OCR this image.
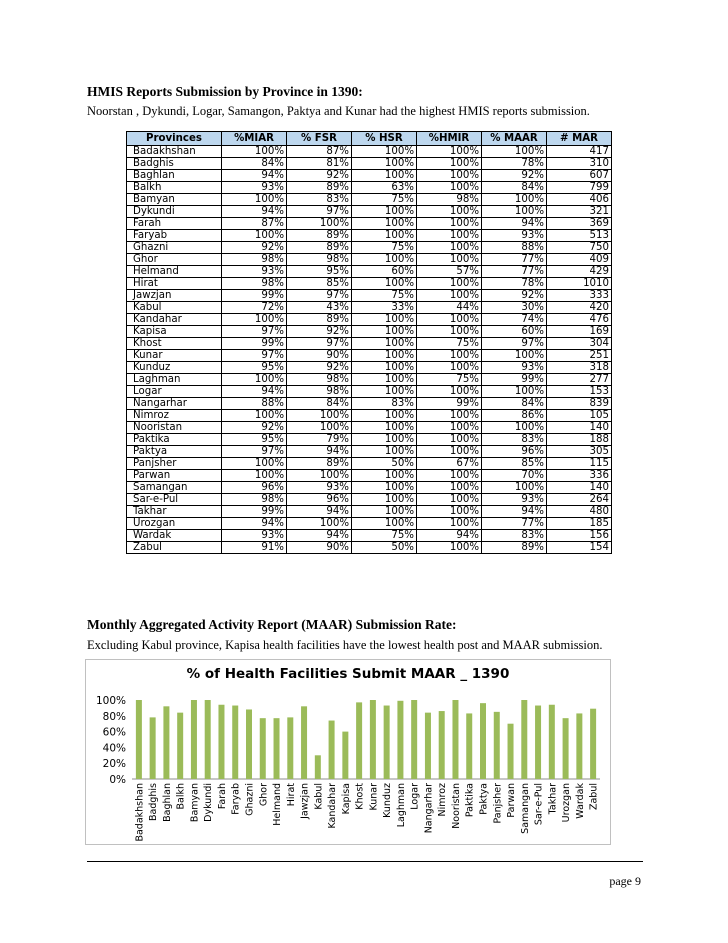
HMIS Reports Submission by Province in 1390:
Noorstan , Dykundi, Logar, Samangon, Paktya and Kunar had the highest HMIS reports submission.
Provinces	%MIAR	% FSR	% HSR	%HMIR	% MAAR	# MAR
Badakhshan	100%	87%	100%	100%	100%	417
Badghis	84%	81%	100%	100%	78%	310
Baghlan	94%	92%	100%	100%	92%	607
Balkh	93%	89%	63%	100%	84%	799
Bamyan	100%	83%	75%	98%	100%	406
Dykundi	94%	97%	100%	100%	100%	321
Farah	87%	100%	100%	100%	94%	369
Faryab	100%	89%	100%	100%	93%	513
Ghazni	92%	89%	75%	100%	88%	750
Ghor	98%	98%	100%	100%	77%	409
Helmand	93%	95%	60%	57%	77%	429
Hirat	98%	85%	100%	100%	78%	1010
Jawzjan	99%	97%	75%	100%	92%	333
Kabul	72%	43%	33%	44%	30%	420
Kandahar	100%	89%	100%	100%	74%	476
Kapisa	97%	92%	100%	100%	60%	169
Khost	99%	97%	100%	75%	97%	304
Kunar	97%	90%	100%	100%	100%	251
Kunduz	95%	92%	100%	100%	93%	318
Laghman	100%	98%	100%	75%	99%	277
Logar	94%	98%	100%	100%	100%	153
Nangarhar	88%	84%	83%	99%	84%	839
Nimroz	100%	100%	100%	100%	86%	105
Nooristan	92%	100%	100%	100%	100%	140
Paktika	95%	79%	100%	100%	83%	188
Paktya	97%	94%	100%	100%	96%	305
Panjsher	100%	89%	50%	67%	85%	115
Parwan	100%	100%	100%	100%	70%	336
Samangan	96%	93%	100%	100%	100%	140
Sar-e-Pul	98%	96%	100%	100%	93%	264
Takhar	99%	94%	100%	100%	94%	480
Urozgan	94%	100%	100%	100%	77%	185
Wardak	93%	94%	75%	94%	83%	156
Zabul	91%	90%	50%	100%	89%	154
Monthly Aggregated Activity Report (MAAR) Submission Rate:
Excluding Kabul province, Kapisa health facilities have the lowest health post and MAAR submission.
% of Health Facilities Submit MAAR _ 1390
100%
80%
60%
40%
20%
0%
Badakhshan Badghis Baghlan Balkh Bamyan Dykundi Farah Faryab Ghazni Ghor Helmand Hirat Jawzjan Kabul Kandahar Kapisa Khost Kunar Kunduz Laghman Logar Nangarhar Nimroz Nooristan Paktika Paktya Panjsher Parwan Samangan Sar-e-Pul Takhar Urozgan Wardak Zabul
page 9
